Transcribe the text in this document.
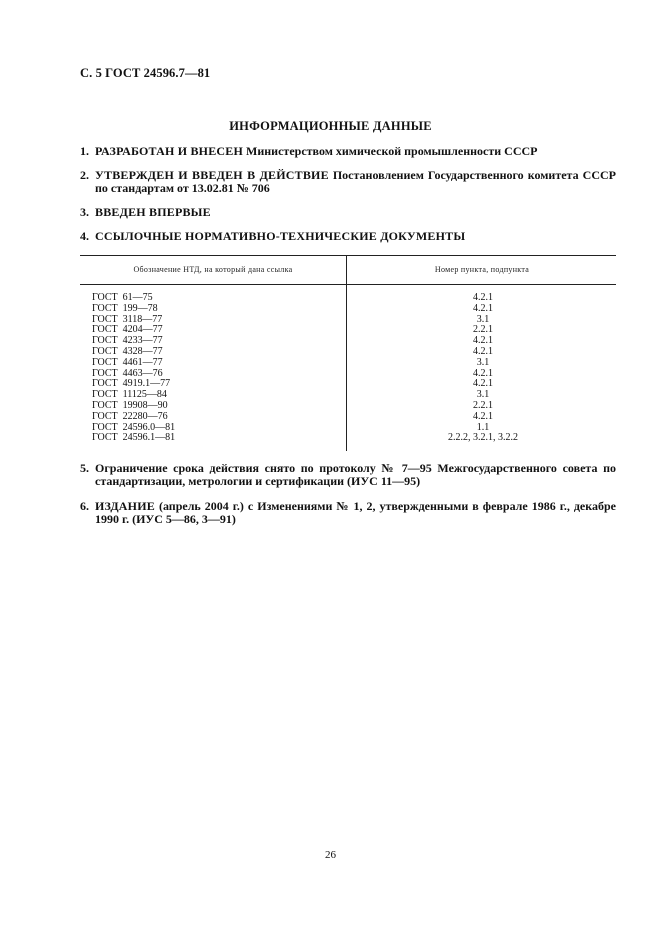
С. 5 ГОСТ 24596.7—81
ИНФОРМАЦИОННЫЕ ДАННЫЕ
1. РАЗРАБОТАН И ВНЕСЕН Министерством химической промышленности СССР
2. УТВЕРЖДЕН И ВВЕДЕН В ДЕЙСТВИЕ Постановлением Государственного комитета СССР по стандартам от 13.02.81 № 706
3. ВВЕДЕН ВПЕРВЫЕ
4. ССЫЛОЧНЫЕ НОРМАТИВНО-ТЕХНИЧЕСКИЕ ДОКУМЕНТЫ
Обозначение НТД, на который дана ссылка	Номер пункта, подпункта
ГОСТ  61—75	4.2.1
ГОСТ  199—78	4.2.1
ГОСТ  3118—77	3.1
ГОСТ  4204—77	2.2.1
ГОСТ  4233—77	4.2.1
ГОСТ  4328—77	4.2.1
ГОСТ  4461—77	3.1
ГОСТ  4463—76	4.2.1
ГОСТ  4919.1—77	4.2.1
ГОСТ  11125—84	3.1
ГОСТ  19908—90	2.2.1
ГОСТ  22280—76	4.2.1
ГОСТ  24596.0—81	1.1
ГОСТ  24596.1—81	2.2.2, 3.2.1, 3.2.2
5. Ограничение срока действия снято по протоколу № 7—95 Межгосударственного совета по стандартизации, метрологии и сертификации (ИУС 11—95)
6. ИЗДАНИЕ (апрель 2004 г.) с Изменениями № 1, 2, утвержденными в феврале 1986 г., декабре 1990 г. (ИУС 5—86, 3—91)
26
